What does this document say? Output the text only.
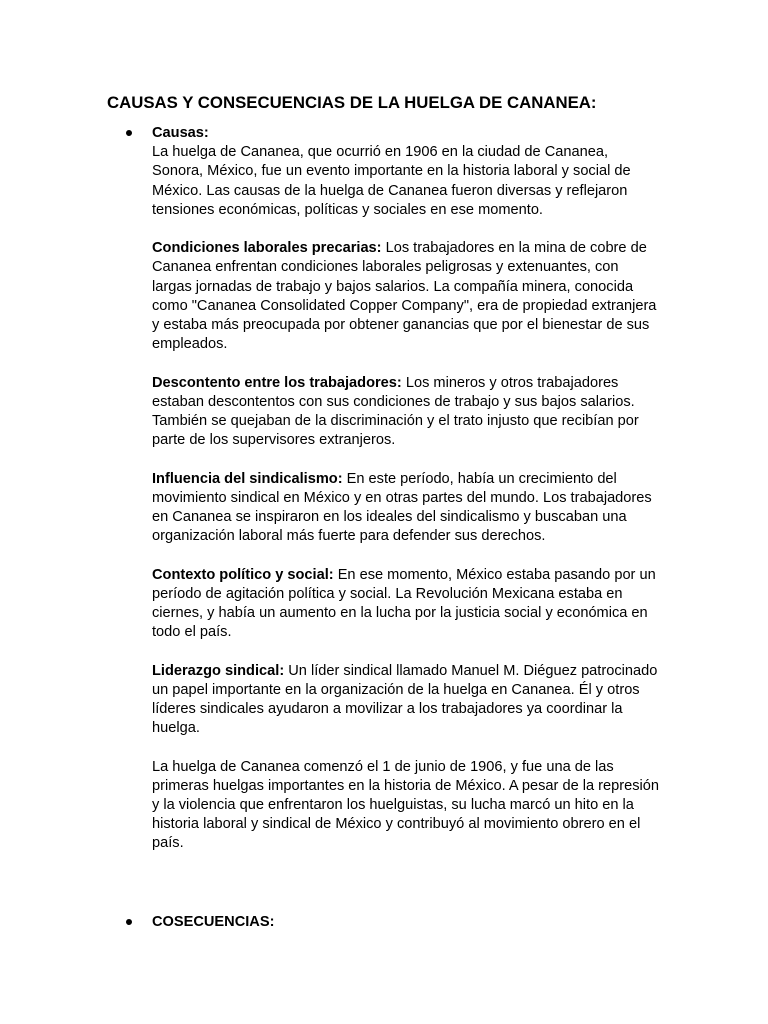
CAUSAS Y CONSECUENCIAS DE LA HUELGA DE CANANEA:

Causas:

La huelga de Cananea, que ocurrió en 1906 en la ciudad de Cananea, Sonora, México, fue un evento importante en la historia laboral y social de México. Las causas de la huelga de Cananea fueron diversas y reflejaron tensiones económicas, políticas y sociales en ese momento.

Condiciones laborales precarias: Los trabajadores en la mina de cobre de Cananea enfrentan condiciones laborales peligrosas y extenuantes, con largas jornadas de trabajo y bajos salarios. La compañía minera, conocida como "Cananea Consolidated Copper Company", era de propiedad extranjera y estaba más preocupada por obtener ganancias que por el bienestar de sus empleados.

Descontento entre los trabajadores: Los mineros y otros trabajadores estaban descontentos con sus condiciones de trabajo y sus bajos salarios. También se quejaban de la discriminación y el trato injusto que recibían por parte de los supervisores extranjeros.

Influencia del sindicalismo: En este período, había un crecimiento del movimiento sindical en México y en otras partes del mundo. Los trabajadores en Cananea se inspiraron en los ideales del sindicalismo y buscaban una organización laboral más fuerte para defender sus derechos.

Contexto político y social: En ese momento, México estaba pasando por un período de agitación política y social. La Revolución Mexicana estaba en ciernes, y había un aumento en la lucha por la justicia social y económica en todo el país.

Liderazgo sindical: Un líder sindical llamado Manuel M. Diéguez patrocinado un papel importante en la organización de la huelga en Cananea. Él y otros líderes sindicales ayudaron a movilizar a los trabajadores ya coordinar la huelga.

La huelga de Cananea comenzó el 1 de junio de 1906, y fue una de las primeras huelgas importantes en la historia de México. A pesar de la represión y la violencia que enfrentaron los huelguistas, su lucha marcó un hito en la historia laboral y sindical de México y contribuyó al movimiento obrero en el país.

COSECUENCIAS:
